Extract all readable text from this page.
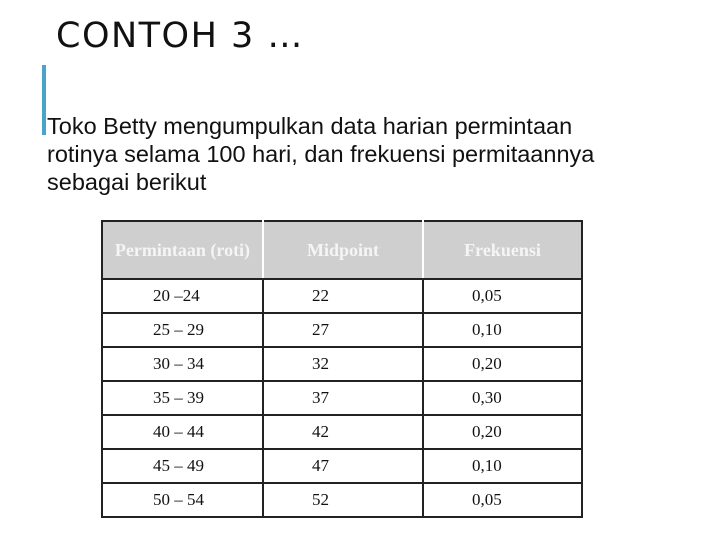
CONTOH 3 …

Toko Betty mengumpulkan data harian permintaan rotinya selama 100 hari, dan frekuensi permitaannya sebagai berikut

Permintaan (roti)	Midpoint	Frekuensi
20 –24	22	0,05
25 – 29	27	0,10
30 – 34	32	0,20
35 – 39	37	0,30
40 – 44	42	0,20
45 – 49	47	0,10
50 – 54	52	0,05
